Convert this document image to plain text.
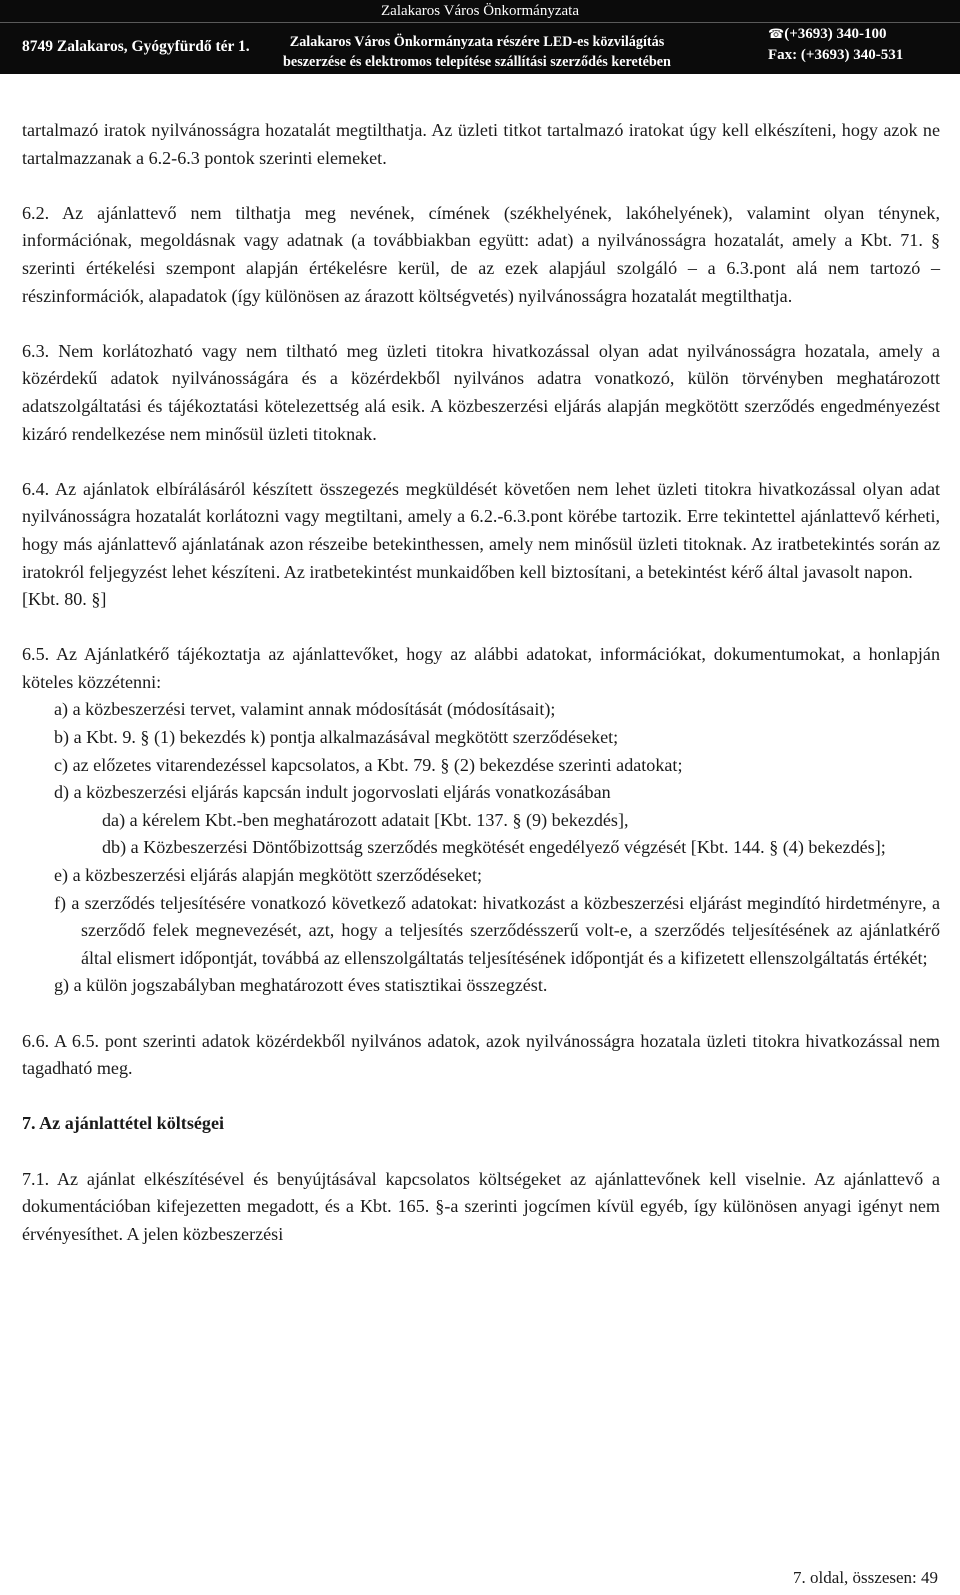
Zalakaros Város Önkormányzata
8749 Zalakaros, Gyógyfürdő tér 1.	Zalakaros Város Önkormányzata részére LED-es közvilágítás
beszerzése és elektromos telepítése szállítási szerződés keretében
☎(+3693) 340-100
Fax: (+3693) 340-531

tartalmazó iratok nyilvánosságra hozatalát megtilthatja. Az üzleti titkot tartalmazó iratokat úgy kell elkészíteni, hogy azok ne tartalmazzanak a 6.2-6.3 pontok szerinti elemeket.

6.2. Az ajánlattevő nem tilthatja meg nevének, címének (székhelyének, lakóhelyének), valamint olyan ténynek, információnak, megoldásnak vagy adatnak (a továbbiakban együtt: adat) a nyilvánosságra hozatalát, amely a Kbt. 71. § szerinti értékelési szempont alapján értékelésre kerül, de az ezek alapjául szolgáló – a 6.3.pont alá nem tartozó – részinformációk, alapadatok (így különösen az árazott költségvetés) nyilvánosságra hozatalát megtilthatja.

6.3. Nem korlátozható vagy nem tiltható meg üzleti titokra hivatkozással olyan adat nyilvánosságra hozatala, amely a közérdekű adatok nyilvánosságára és a közérdekből nyilvános adatra vonatkozó, külön törvényben meghatározott adatszolgáltatási és tájékoztatási kötelezettség alá esik. A közbeszerzési eljárás alapján megkötött szerződés engedményezést kizáró rendelkezése nem minősül üzleti titoknak.

6.4. Az ajánlatok elbírálásáról készített összegezés megküldését követően nem lehet üzleti titokra hivatkozással olyan adat nyilvánosságra hozatalát korlátozni vagy megtiltani, amely a 6.2.-6.3.pont körébe tartozik. Erre tekintettel ajánlattevő kérheti, hogy más ajánlattevő ajánlatának azon részeibe betekinthessen, amely nem minősül üzleti titoknak. Az iratbetekintés során az iratokról feljegyzést lehet készíteni. Az iratbetekintést munkaidőben kell biztosítani, a betekintést kérő által javasolt napon.

[Kbt. 80. §]

6.5. Az Ajánlatkérő tájékoztatja az ajánlattevőket, hogy az alábbi adatokat, információkat, dokumentumokat, a honlapján köteles közzétenni:

a) a közbeszerzési tervet, valamint annak módosítását (módosításait);

b) a Kbt. 9. § (1) bekezdés k) pontja alkalmazásával megkötött szerződéseket;

c) az előzetes vitarendezéssel kapcsolatos, a Kbt. 79. § (2) bekezdése szerinti adatokat;

d) a közbeszerzési eljárás kapcsán indult jogorvoslati eljárás vonatkozásában

da) a kérelem Kbt.-ben meghatározott adatait [Kbt. 137. § (9) bekezdés],

db) a Közbeszerzési Döntőbizottság szerződés megkötését engedélyező végzését [Kbt. 144. § (4) bekezdés];

e) a közbeszerzési eljárás alapján megkötött szerződéseket;

f) a szerződés teljesítésére vonatkozó következő adatokat: hivatkozást a közbeszerzési eljárást megindító hirdetményre, a szerződő felek megnevezését, azt, hogy a teljesítés szerződésszerű volt-e, a szerződés teljesítésének az ajánlatkérő által elismert időpontját, továbbá az ellenszolgáltatás teljesítésének időpontját és a kifizetett ellenszolgáltatás értékét;

g) a külön jogszabályban meghatározott éves statisztikai összegzést.

6.6. A 6.5. pont szerinti adatok közérdekből nyilvános adatok, azok nyilvánosságra hozatala üzleti titokra hivatkozással nem tagadható meg.

7. Az ajánlattétel költségei

7.1. Az ajánlat elkészítésével és benyújtásával kapcsolatos költségeket az ajánlattevőnek kell viselnie. Az ajánlattevő a dokumentációban kifejezetten megadott, és a Kbt. 165. §-a szerinti jogcímen kívül egyéb, így különösen anyagi igényt nem érvényesíthet. A jelen közbeszerzési

7. oldal, összesen: 49
